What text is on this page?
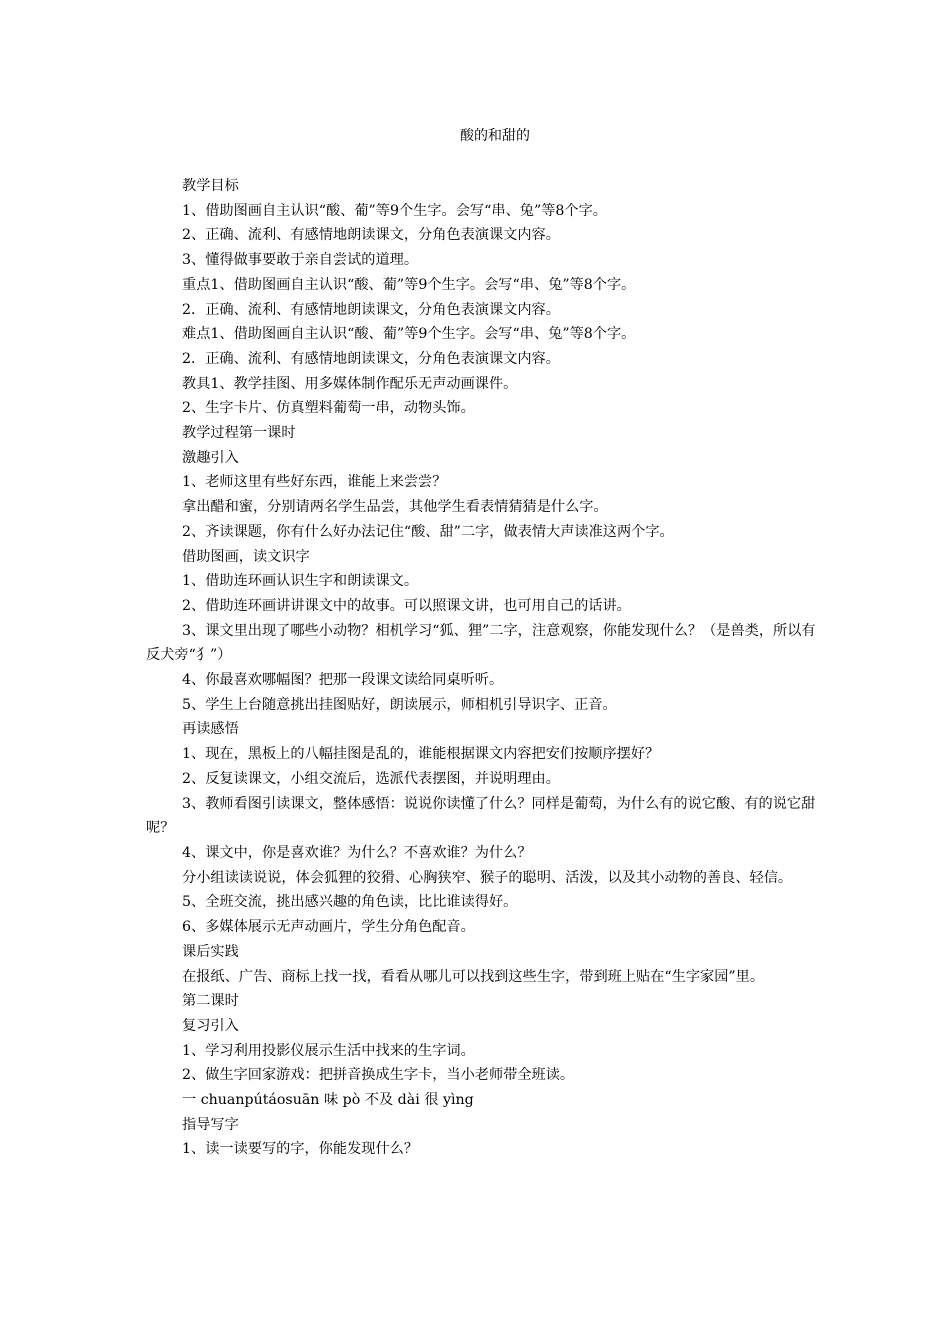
酸的和甜的

教学目标

1、借助图画自主认识“酸、葡”等9个生字。会写“串、兔”等8个字。

2、正确、流利、有感情地朗读课文，分角色表演课文内容。

3、懂得做事要敢于亲自尝试的道理。

重点1、借助图画自主认识“酸、葡”等9个生字。会写“串、兔”等8个字。

2．正确、流利、有感情地朗读课文，分角色表演课文内容。

难点1、借助图画自主认识“酸、葡”等9个生字。会写“串、兔”等8个字。

2．正确、流利、有感情地朗读课文，分角色表演课文内容。

教具1、教学挂图、用多媒体制作配乐无声动画课件。

2、生字卡片、仿真塑料葡萄一串，动物头饰。

教学过程第一课时

激趣引入

1、老师这里有些好东西，谁能上来尝尝？

拿出醋和蜜，分别请两名学生品尝，其他学生看表情猜猜是什么字。

2、齐读课题，你有什么好办法记住“酸、甜”二字，做表情大声读准这两个字。

借助图画，读文识字

1、借助连环画认识生字和朗读课文。

2、借助连环画讲讲课文中的故事。可以照课文讲，也可用自己的话讲。

3、课文里出现了哪些小动物？相机学习“狐、狸”二字，注意观察，你能发现什么？（是兽类，所以有反犬旁“犭”）

4、你最喜欢哪幅图？把那一段课文读给同桌听听。

5、学生上台随意挑出挂图贴好，朗读展示，师相机引导识字、正音。

再读感悟

1、现在，黑板上的八幅挂图是乱的，谁能根据课文内容把安们按顺序摆好？

2、反复读课文，小组交流后，选派代表摆图，并说明理由。

3、教师看图引读课文，整体感悟：说说你读懂了什么？同样是葡萄，为什么有的说它酸、有的说它甜呢？

4、课文中，你是喜欢谁？为什么？不喜欢谁？为什么？

分小组读读说说，体会狐狸的狡猾、心胸狭窄、猴子的聪明、活泼，以及其小动物的善良、轻信。

5、全班交流，挑出感兴趣的角色读，比比谁读得好。

6、多媒体展示无声动画片，学生分角色配音。

课后实践

在报纸、广告、商标上找一找，看看从哪儿可以找到这些生字，带到班上贴在“生字家园”里。

第二课时

复习引入

1、学习利用投影仪展示生活中找来的生字词。

2、做生字回家游戏：把拼音换成生字卡，当小老师带全班读。

一 chuanpútáosuān 味 pò 不及 dài 很 yìng

指导写字

1、读一读要写的字，你能发现什么？
